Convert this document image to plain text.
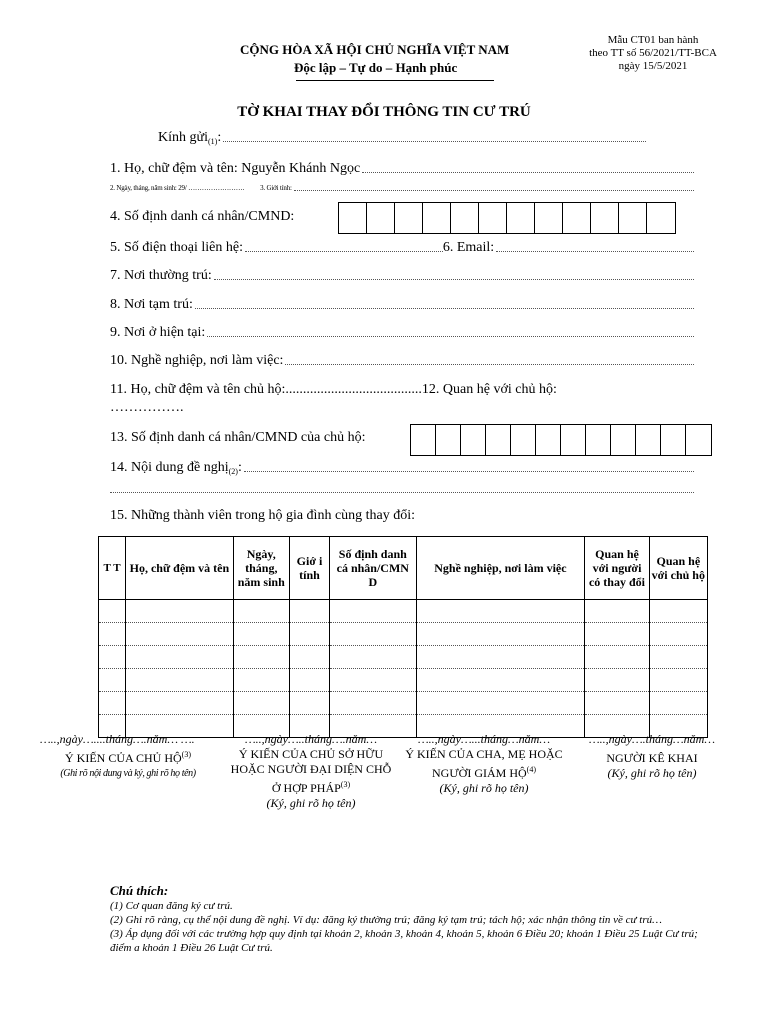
CỘNG HÒA XÃ HỘI CHỦ NGHĨA VIỆT NAM
Độc lập – Tự do – Hạnh phúc
Mẫu CT01 ban hành
theo TT số 56/2021/TT-BCA
ngày 15/5/2021
TỜ KHAI THAY ĐỔI THÔNG TIN CƯ TRÚ
Kính gửi$_{(1)}$ :
1. Họ, chữ đệm và tên:
Nguyễn Khánh Ngọc
2. Ngày, tháng, năm sinh: 29/ ……………………. 3. Giới tính:
4. Số định danh cá nhân/CMND:
5. Số điện thoại liên hệ:	6. Email:
7. Nơi thường trú:
8. Nơi tạm trú:
9. Nơi ở hiện tại:
10. Nghề nghiệp, nơi làm việc:
11. Họ, chữ đệm và tên chủ hộ:.......................................12. Quan hệ với chủ hộ:
…………….
13. Số định danh cá nhân/CMND của chủ hộ:
14. Nội dung đề nghị$_{(2)}$ :
15. Những thành viên trong hộ gia đình cùng thay đổi:
T T	Họ, chữ đệm và tên	Ngày, tháng, năm sinh	Giớ i tính	Số định danh cá nhân/CMN D	Nghề nghiệp, nơi làm việc	Quan hệ với người có thay đổi	Quan hệ với chủ hộ

…..,ngày…....tháng….năm… ….
Ý KIẾN CỦA CHỦ HỘ$^{(3)}$
(Ghi rõ nội dung và ký, ghi rõ họ tên)
…..,ngày…..tháng….năm…
Ý KIẾN CỦA CHỦ SỞ HỮU HOẶC NGƯỜI ĐẠI DIỆN CHỖ Ở HỢP PHÁP$^{(3)}$
(Ký, ghi rõ họ tên)
…..,ngày…...tháng…năm…
Ý KIẾN CỦA CHA, MẸ HOẶC NGƯỜI GIÁM HỘ$^{(4)}$
(Ký, ghi rõ họ tên)
…..,ngày….tháng…năm…
NGƯỜI KÊ KHAI
(Ký, ghi rõ họ tên)
Chú thích:
(1) Cơ quan đăng ký cư trú.
(2) Ghi rõ ràng, cụ thể nội dung đề nghị. Ví dụ: đăng ký thường trú; đăng ký tạm trú; tách hộ; xác nhận thông tin về cư trú…
(3) Áp dụng đối với các trường hợp quy định tại khoản 2, khoản 3, khoản 4, khoản 5, khoản 6 Điều 20; khoản 1 Điều 25 Luật Cư trú; điểm a khoản 1 Điều 26 Luật Cư trú.
